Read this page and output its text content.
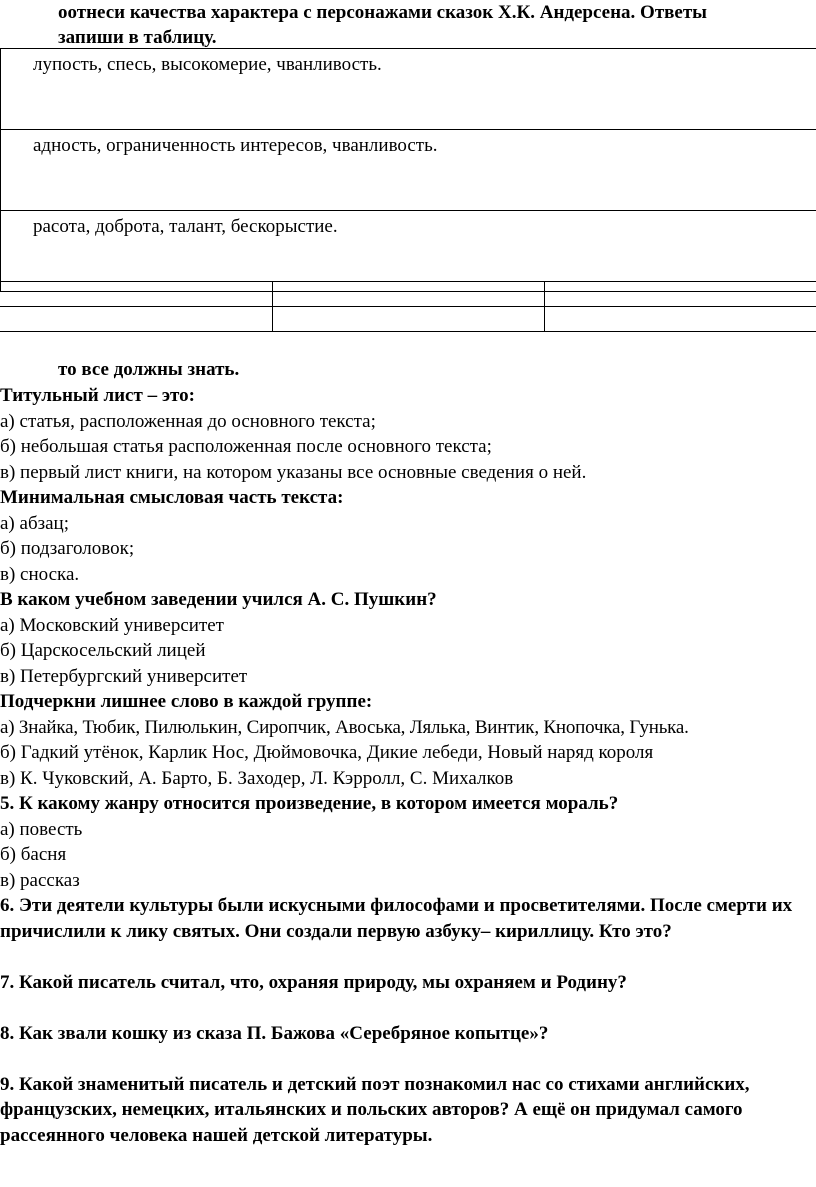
оотнеси качества характера с персонажами сказок Х.К. Андерсена. Ответы
запиши в таблицу.
лупость, спесь, высокомерие, чванливость.
адность, ограниченность интересов, чванливость.
расота, доброта, талант, бескорыстие.

то все должны знать.

Титульный лист – это:

а) статья, расположенная до основного текста;

б) небольшая статья расположенная после основного текста;

в) первый лист книги, на котором указаны все основные сведения о ней.

Минимальная смысловая часть текста:

а) абзац;

б) подзаголовок;

в) сноска.

В каком учебном заведении учился А. С. Пушкин?

а) Московский университет

б) Царскосельский лицей

в) Петербургский университет

Подчеркни лишнее слово в каждой группе:

а) Знайка, Тюбик, Пилюлькин, Сиропчик, Авоська, Лялька, Винтик, Кнопочка, Гунька.

б) Гадкий утёнок, Карлик Нос, Дюймовочка, Дикие лебеди, Новый наряд короля

в) К. Чуковский, А. Барто, Б. Заходер, Л. Кэрролл, С. Михалков

5. К какому жанру относится произведение, в котором имеется мораль?

а) повесть

б) басня

в) рассказ

6. Эти деятели культуры были искусными философами и просветителями. После смерти их причислили к лику святых. Они создали первую азбуку– кириллицу. Кто это?

7. Какой писатель считал, что, охраняя природу, мы охраняем и Родину?

8. Как звали кошку из сказа П. Бажова «Серебряное копытце»?

9. Какой знаменитый писатель и детский поэт познакомил нас со стихами английских, французских, немецких, итальянских и польских авторов? А ещё он придумал самого рассеянного человека нашей детской литературы.
